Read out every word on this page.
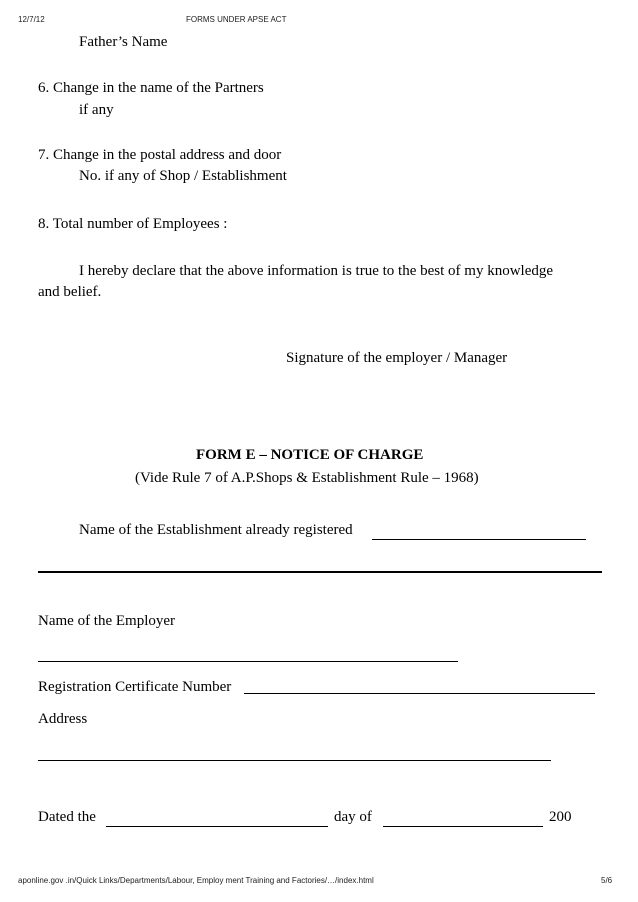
12/7/12	FORMS UNDER APSE ACT
Father’s Name
6. Change in the name of the Partners
if any
7. Change in the postal address and door
No. if any of Shop / Establishment
8. Total number of Employees :
I hereby declare that the above information is true to the best of my knowledge
and belief.
Signature of the employer / Manager
FORM E – NOTICE OF CHARGE
(Vide Rule 7 of A.P.Shops & Establishment Rule – 1968)
Name of the Establishment already registered
Name of the Employer
Registration Certificate Number
Address
Dated the	day of	200
aponline.gov .in/Quick Links/Departments/Labour, Employ ment Training and Factories/…/index.html	5/6
